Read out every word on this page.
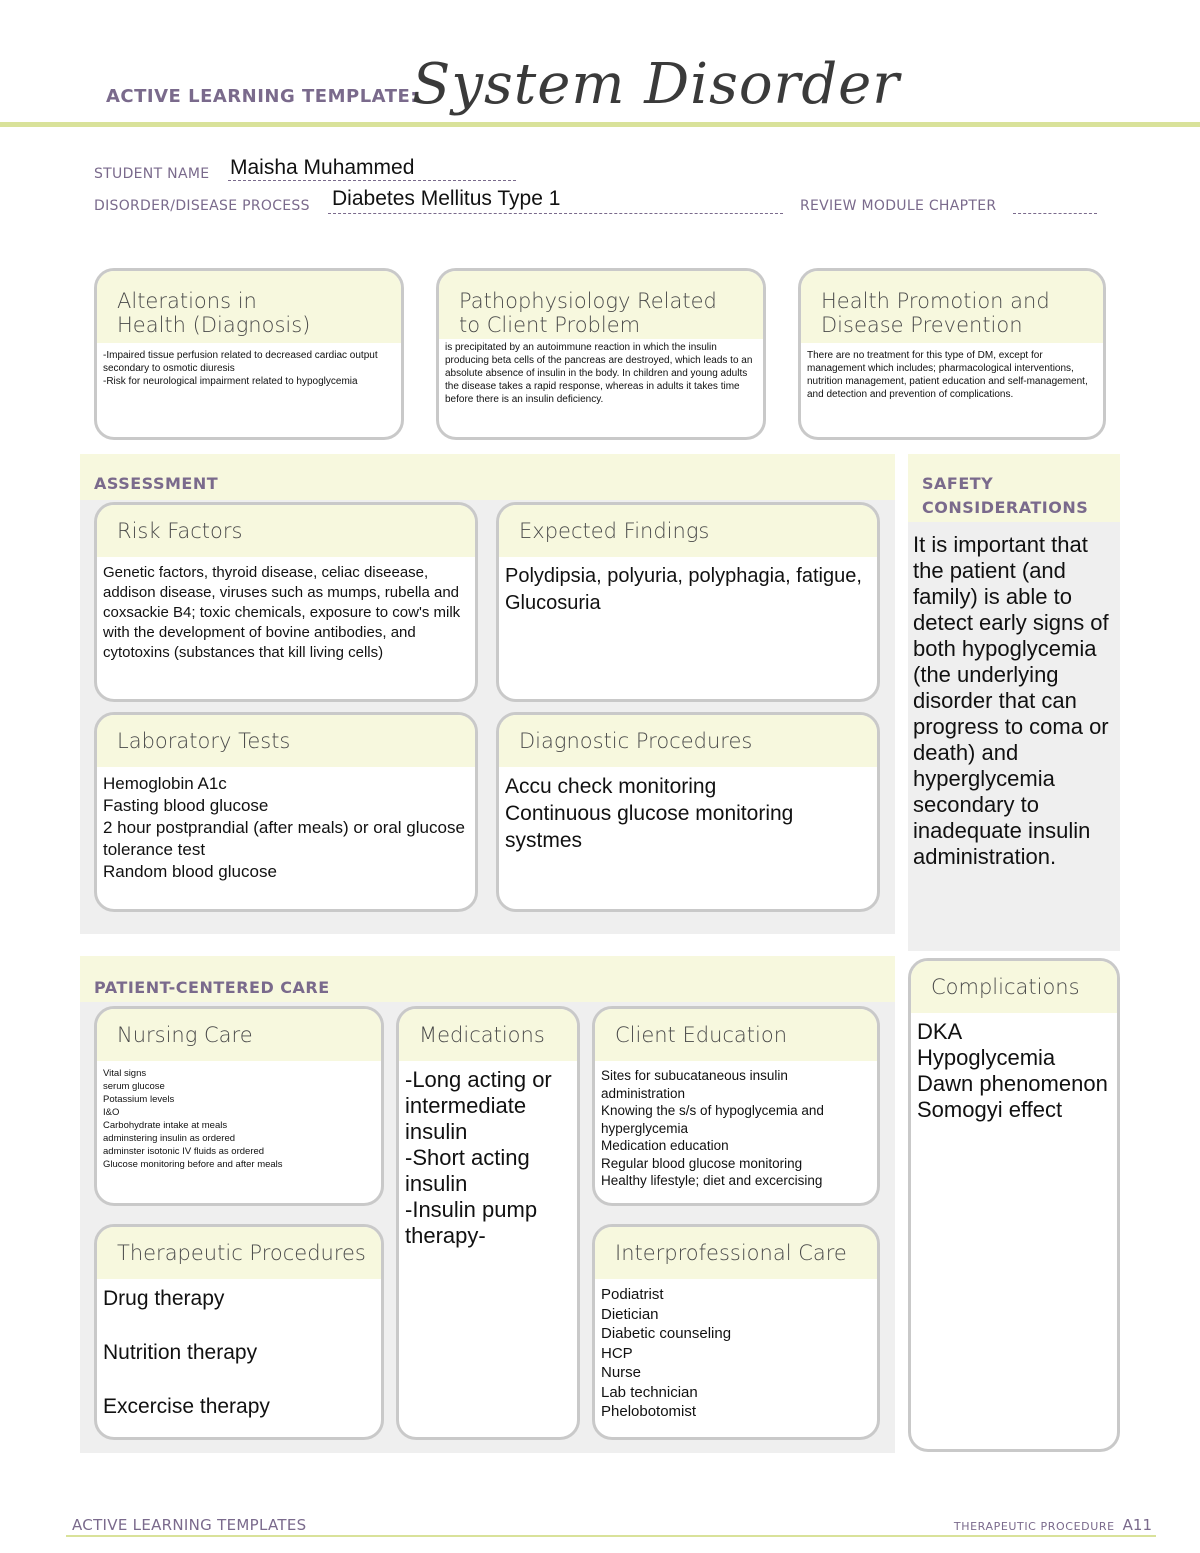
ACTIVE LEARNING TEMPLATE:
System Disorder
STUDENT NAME Maisha Muhammed
DISORDER/DISEASE PROCESS Diabetes Mellitus Type 1	REVIEW MODULE CHAPTER
Alterations in
Health (Diagnosis)
-Impaired tissue perfusion related to decreased cardiac output secondary to osmotic diuresis
-Risk for neurological impairment related to hypoglycemia
Pathophysiology Related
to Client Problem
is precipitated by an autoimmune reaction in which the insulin producing beta cells of the pancreas are destroyed, which leads to an absolute absence of insulin in the body. In children and young adults the disease takes a rapid response, whereas in adults it takes time before there is an insulin deficiency.
Health Promotion and
Disease Prevention
There are no treatment for this type of DM, except for management which includes; pharmacological interventions, nutrition management, patient education and self-management, and detection and prevention of complications.
ASSESSMENT
Risk Factors
Genetic factors, thyroid disease, celiac diseease, addison disease, viruses such as mumps, rubella and coxsackie B4; toxic chemicals, exposure to cow's milk with the development of bovine antibodies, and cytotoxins (substances that kill living cells)
Expected Findings
Polydipsia, polyuria, polyphagia, fatigue, Glucosuria
Laboratory Tests
Hemoglobin A1c
Fasting blood glucose
2 hour postprandial (after meals) or oral glucose tolerance test
Random blood glucose
Diagnostic Procedures
Accu check monitoring
Continuous glucose monitoring systmes
SAFETY
CONSIDERATIONS
It is important that the patient (and family) is able to detect early signs of both hypoglycemia (the underlying disorder that can progress to coma or death) and hyperglycemia secondary to inadequate insulin administration.
PATIENT-CENTERED CARE
Nursing Care
Vital signs
serum glucose
Potassium levels
I&O
Carbohydrate intake at meals
adminstering insulin as ordered
adminster isotonic IV fluids as ordered
Glucose monitoring before and after meals
Medications
-Long acting or intermediate insulin
-Short acting insulin
-Insulin pump therapy-
Client Education
Sites for subucataneous insulin administration
Knowing the s/s of hypoglycemia and hyperglycemia
Medication education
Regular blood glucose monitoring
Healthy lifestyle; diet and excercising
Therapeutic Procedures
Drug therapy

Nutrition therapy

Excercise therapy
Interprofessional Care
Podiatrist
Dietician
Diabetic counseling
HCP
Nurse
Lab technician
Phelobotomist
Complications
DKA
Hypoglycemia
Dawn phenomenon
Somogyi effect
ACTIVE LEARNING TEMPLATES	THERAPEUTIC PROCEDURE A11
